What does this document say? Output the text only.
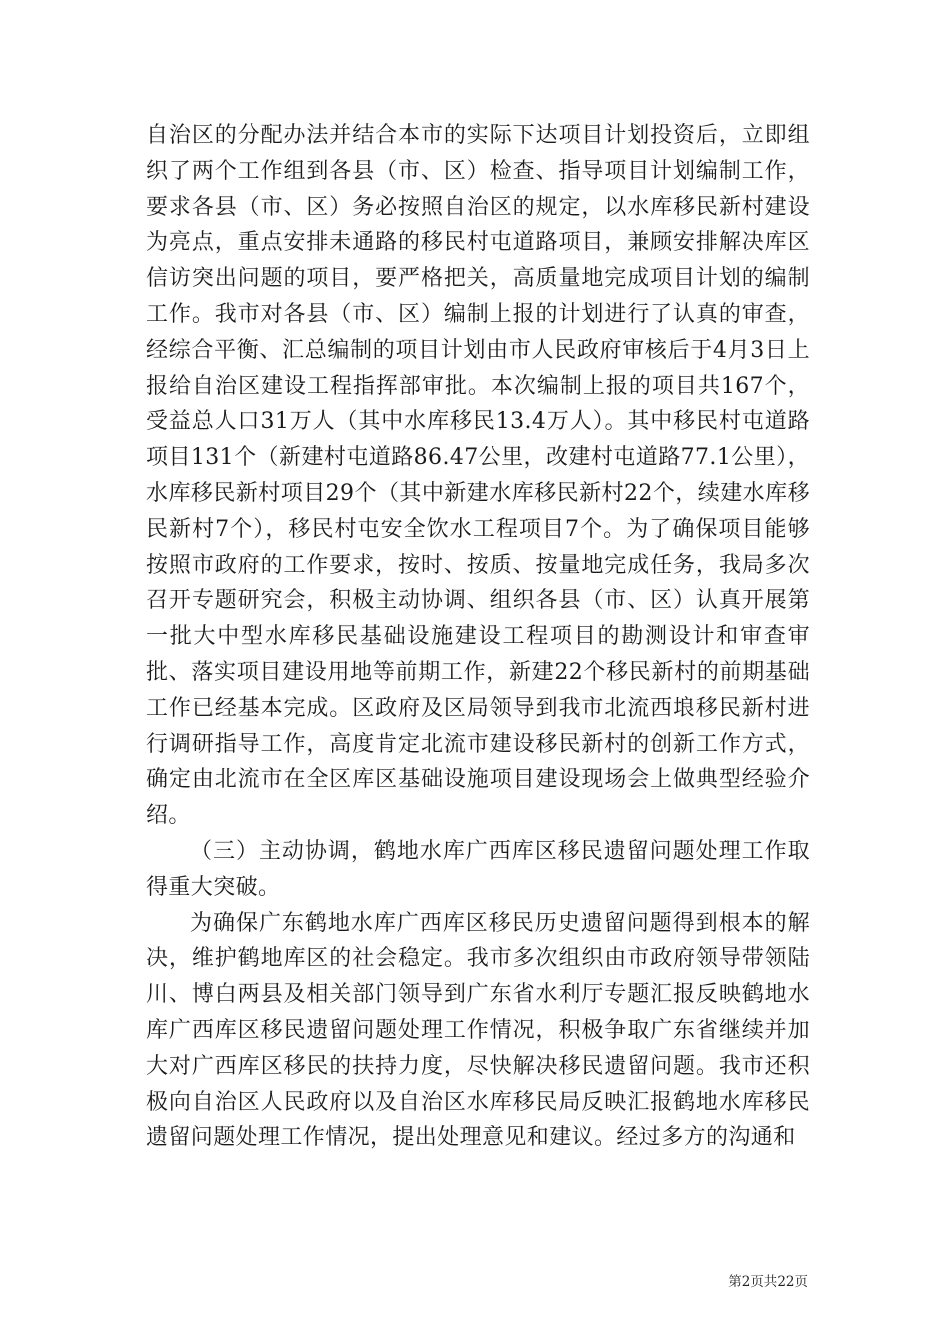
自治区的分配办法并结合本市的实际下达项目计划投资后，立即组织了两个工作组到各县（市、区）检查、指导项目计划编制工作，要求各县（市、区）务必按照自治区的规定，以水库移民新村建设为亮点，重点安排未通路的移民村屯道路项目，兼顾安排解决库区信访突出问题的项目，要严格把关，高质量地完成项目计划的编制工作。我市对各县（市、区）编制上报的计划进行了认真的审查，经综合平衡、汇总编制的项目计划由市人民政府审核后于4月3日上报给自治区建设工程指挥部审批。本次编制上报的项目共167个，受益总人口31万人（其中水库移民13.4万人）。其中移民村屯道路项目131个（新建村屯道路86.47公里，改建村屯道路77.1公里），水库移民新村项目29个（其中新建水库移民新村22个，续建水库移民新村7个），移民村屯安全饮水工程项目7个。为了确保项目能够按照市政府的工作要求，按时、按质、按量地完成任务，我局多次召开专题研究会，积极主动协调、组织各县（市、区）认真开展第一批大中型水库移民基础设施建设工程项目的勘测设计和审查审批、落实项目建设用地等前期工作，新建22个移民新村的前期基础工作已经基本完成。区政府及区局领导到我市北流西埌移民新村进行调研指导工作，高度肯定北流市建设移民新村的创新工作方式，确定由北流市在全区库区基础设施项目建设现场会上做典型经验介绍。

（三）主动协调，鹤地水库广西库区移民遗留问题处理工作取得重大突破。

为确保广东鹤地水库广西库区移民历史遗留问题得到根本的解决，维护鹤地库区的社会稳定。我市多次组织由市政府领导带领陆川、博白两县及相关部门领导到广东省水利厅专题汇报反映鹤地水库广西库区移民遗留问题处理工作情况，积极争取广东省继续并加大对广西库区移民的扶持力度，尽快解决移民遗留问题。我市还积极向自治区人民政府以及自治区水库移民局反映汇报鹤地水库移民遗留问题处理工作情况，提出处理意见和建议。经过多方的沟通和

第2页共22页
